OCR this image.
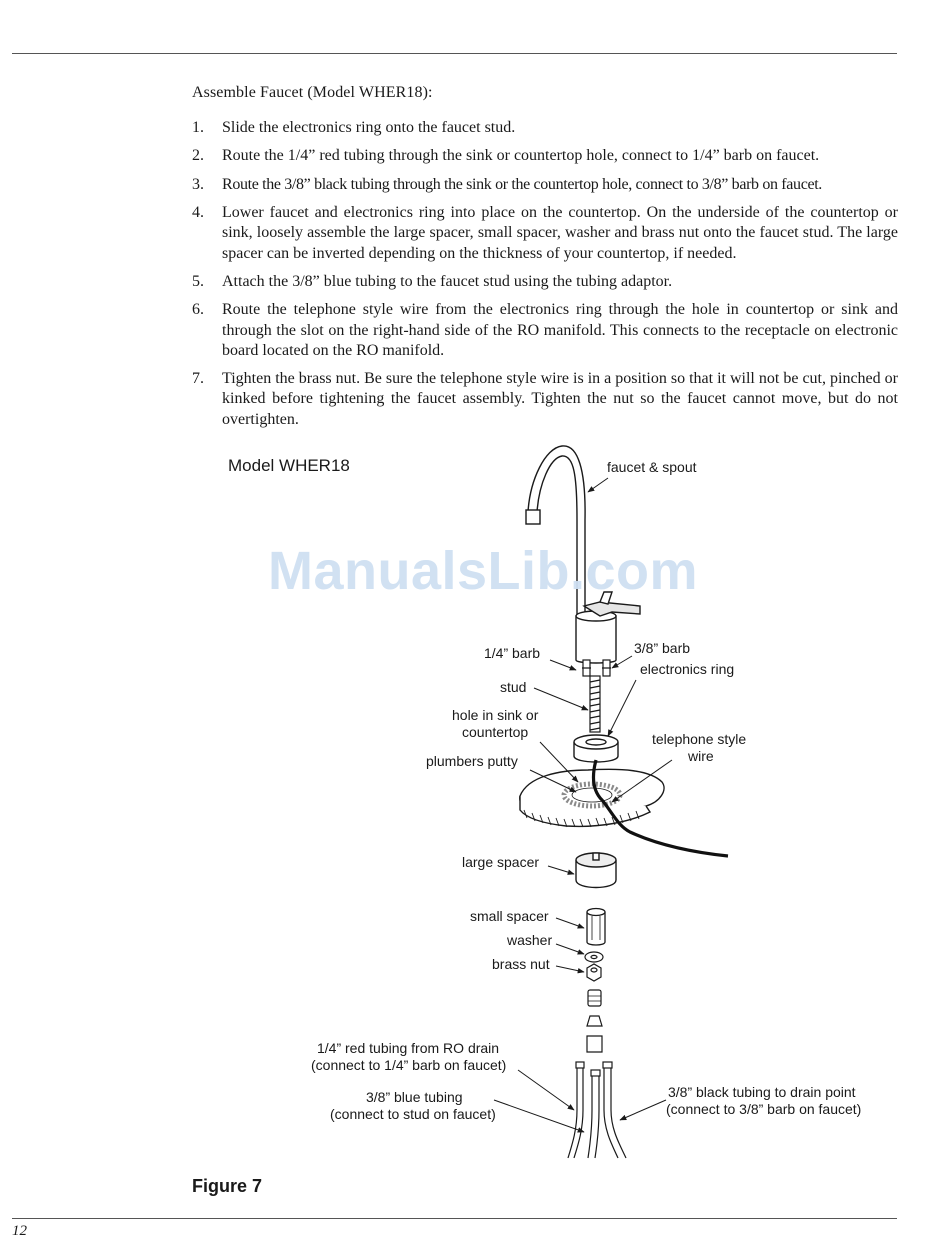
Assemble Faucet (Model WHER18):
1. Slide the electronics ring onto the faucet stud.
2. Route the 1/4” red tubing through the sink or countertop hole, connect to 1/4” barb on faucet.
3. Route the 3/8” black tubing through the sink or the countertop hole, connect to 3/8” barb on faucet.
4. Lower faucet and electronics ring into place on the countertop. On the underside of the countertop or sink, loosely assemble the large spacer, small spacer, washer and brass nut onto the faucet stud. The large spacer can be inverted depending on the thickness of your countertop, if needed.
5. Attach the 3/8” blue tubing to the faucet stud using the tubing adaptor.
6. Route the telephone style wire from the electronics ring through the hole in countertop or sink and through the slot on the right-hand side of the RO manifold. This connects to the receptacle on electronic board located on the RO manifold.
7. Tighten the brass nut. Be sure the telephone style wire is in a position so that it will not be cut, pinched or kinked before tightening the faucet assembly. Tighten the nut so the faucet cannot move, but do not overtighten.
Model WHER18	faucet & spout
1/4” barb	3/8” barb
electronics ring
stud
hole in sink or
countertop	telephone style
wire
plumbers putty
large spacer
small spacer
washer
brass nut
1/4” red tubing from RO drain
(connect to 1/4” barb on faucet)
3/8” blue tubing
(connect to stud on faucet)
3/8” black tubing to drain point
(connect to 3/8” barb on faucet)
ManualsLib.com
Figure 7
12
